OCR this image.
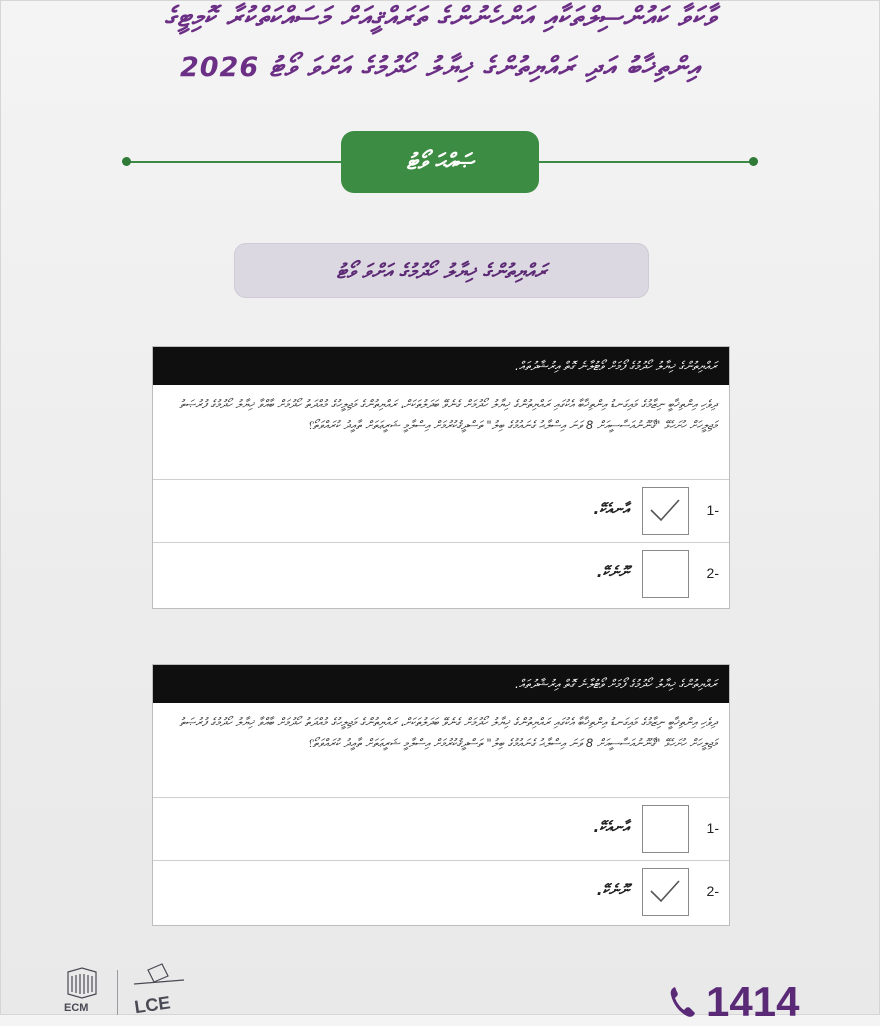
ވާކަވާ ކައުންސިލްތަކާއި އަންހެނުންގެ ތަރައްޤީއަށް މަސައްކަތްކުރާ ކޮމިޓީގެ
އިންތިޚާބު އަދި ރައްޔިތުންގެ ޚިޔާލު ހޯދުމުގެ އަށްވަ ވޯޓު 2026
ޞައްޙަ ވޯޓު
ރައްޔިތުންގެ ޚިޔާލު ހޯދުމުގެ އަށްވަ ވޯޓު
ރައްޔިތުންގެ ޚިޔާލު ހޯދުމުގެ ފޯމަށް ވޯޓުލާނެ ގޮތް އިރުޝާދުތައް.
ދިވެހި އިންތިޚާބީ ނިޒާމުގެ މައިގަނޑު އިންތިޚާބާ އެކުގައި ރައްޔިތުންގެ ޚިޔާލު ހޯދުމަށް ގެނެވޭ ބަދަލުތަކަށް، ރައްޔިތުންގެ މަޖިލީހުގެ މުއްދަތު ހޯދުމަށް ބާއްވާ ޚިޔާލު ހޯދުމުގެ ފުރުޞަތު މަޖިލީހަށް ހުށަހެޅޭ "ޤާނޫނުއަސާސީއަށް 8 ވަނަ އިސްލާޙު ގެނައުމުގެ ބިލު" ތަސްދީޤުކުރުމަށް އިސްލާމީ ޝަރީޢަތަށް ތާއީދު ކުރައްވަތޯ؟
1-
އާނއެކޭ.
2-
ނޫނެކޭ.
ރައްޔިތުންގެ ޚިޔާލު ހޯދުމުގެ ފޯމަށް ވޯޓުލާނެ ގޮތް އިރުޝާދުތައް.
ދިވެހި އިންތިޚާބީ ނިޒާމުގެ މައިގަނޑު އިންތިޚާބާ އެކުގައި ރައްޔިތުންގެ ޚިޔާލު ހޯދުމަށް ގެނެވޭ ބަދަލުތަކަށް، ރައްޔިތުންގެ މަޖިލީހުގެ މުއްދަތު ހޯދުމަށް ބާއްވާ ޚިޔާލު ހޯދުމުގެ ފުރުޞަތު މަޖިލީހަށް ހުށަހެޅޭ "ޤާނޫނުއަސާސީއަށް 8 ވަނަ އިސްލާޙު ގެނައުމުގެ ބިލު" ތަސްދީޤުކުރުމަށް އިސްލާމީ ޝަރީޢަތަށް ތާއީދު ކުރައްވަތޯ؟
1-
އާނއެކޭ.
2-
ނޫނެކޭ.
ECM LCE	1414
